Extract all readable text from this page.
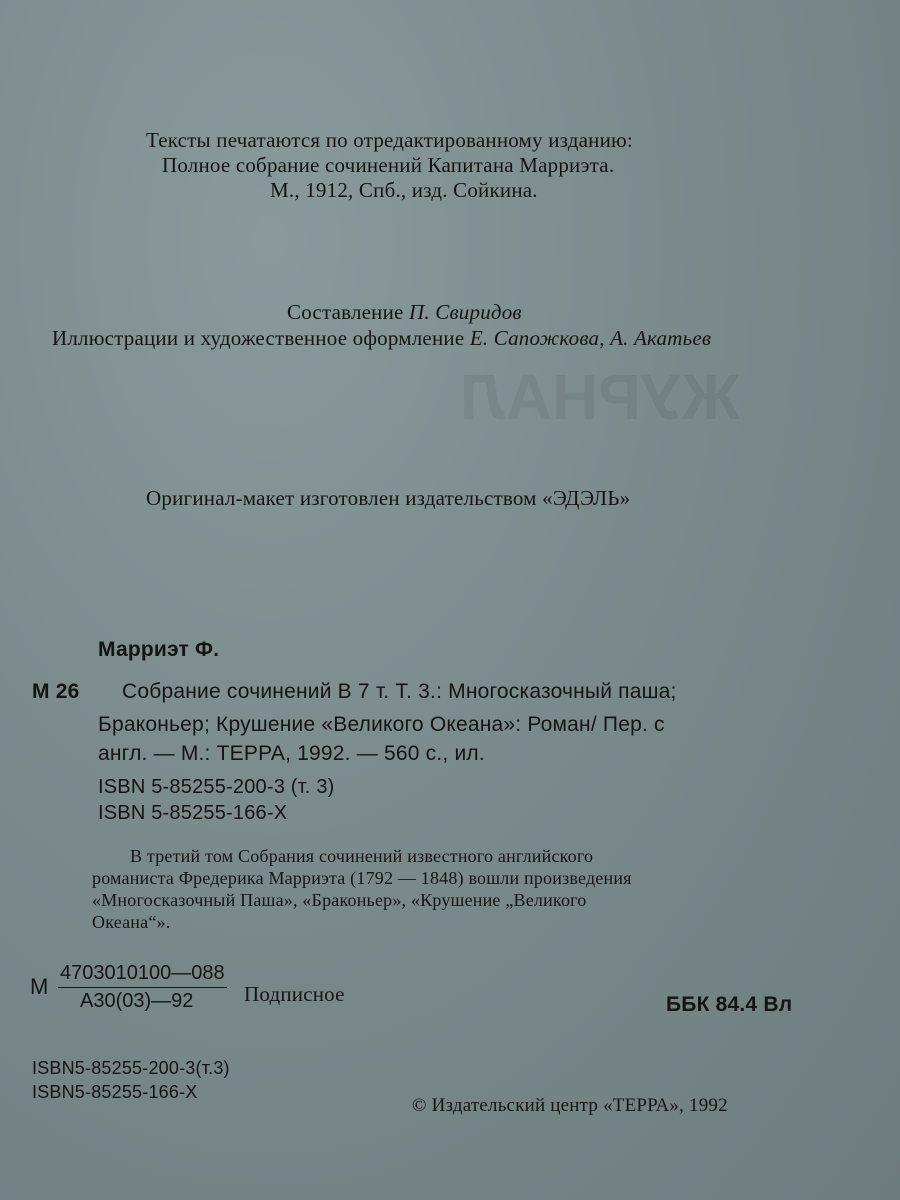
ЖУРНАЛ
Тексты печатаются по отредактированному изданию:
Полное собрание сочинений Капитана Марриэта.
М., 1912, Спб., изд. Сойкина.
Составление П. Свиридов
Иллюстрации и художественное оформление Е. Сапожкова, А. Акатьев
Оригинал-макет изготовлен издательством «ЭДЭЛЬ»
Марриэт Ф.
М 26 Собрание сочинений В 7 т. Т. 3.: Многосказочный паша;
Браконьер; Крушение «Великого Океана»: Роман/ Пер. с
англ. — М.: ТЕРРА, 1992. — 560 с., ил.
ISBN 5-85255-200-3 (т. 3)
ISBN 5-85255-166-X
В третий том Собрания сочинений известного английского
романиста Фредерика Марриэта (1792 — 1848) вошли произведения
«Многосказочный Паша», «Браконьер», «Крушение „Великого
Океана“».
М
4703010100—088
А30(03)—92 Подписное	ББК 84.4 Вл
ISBN5-85255-200-3(т.3)
ISBN5-85255-166-X
© Издательский центр «ТЕРРА», 1992
